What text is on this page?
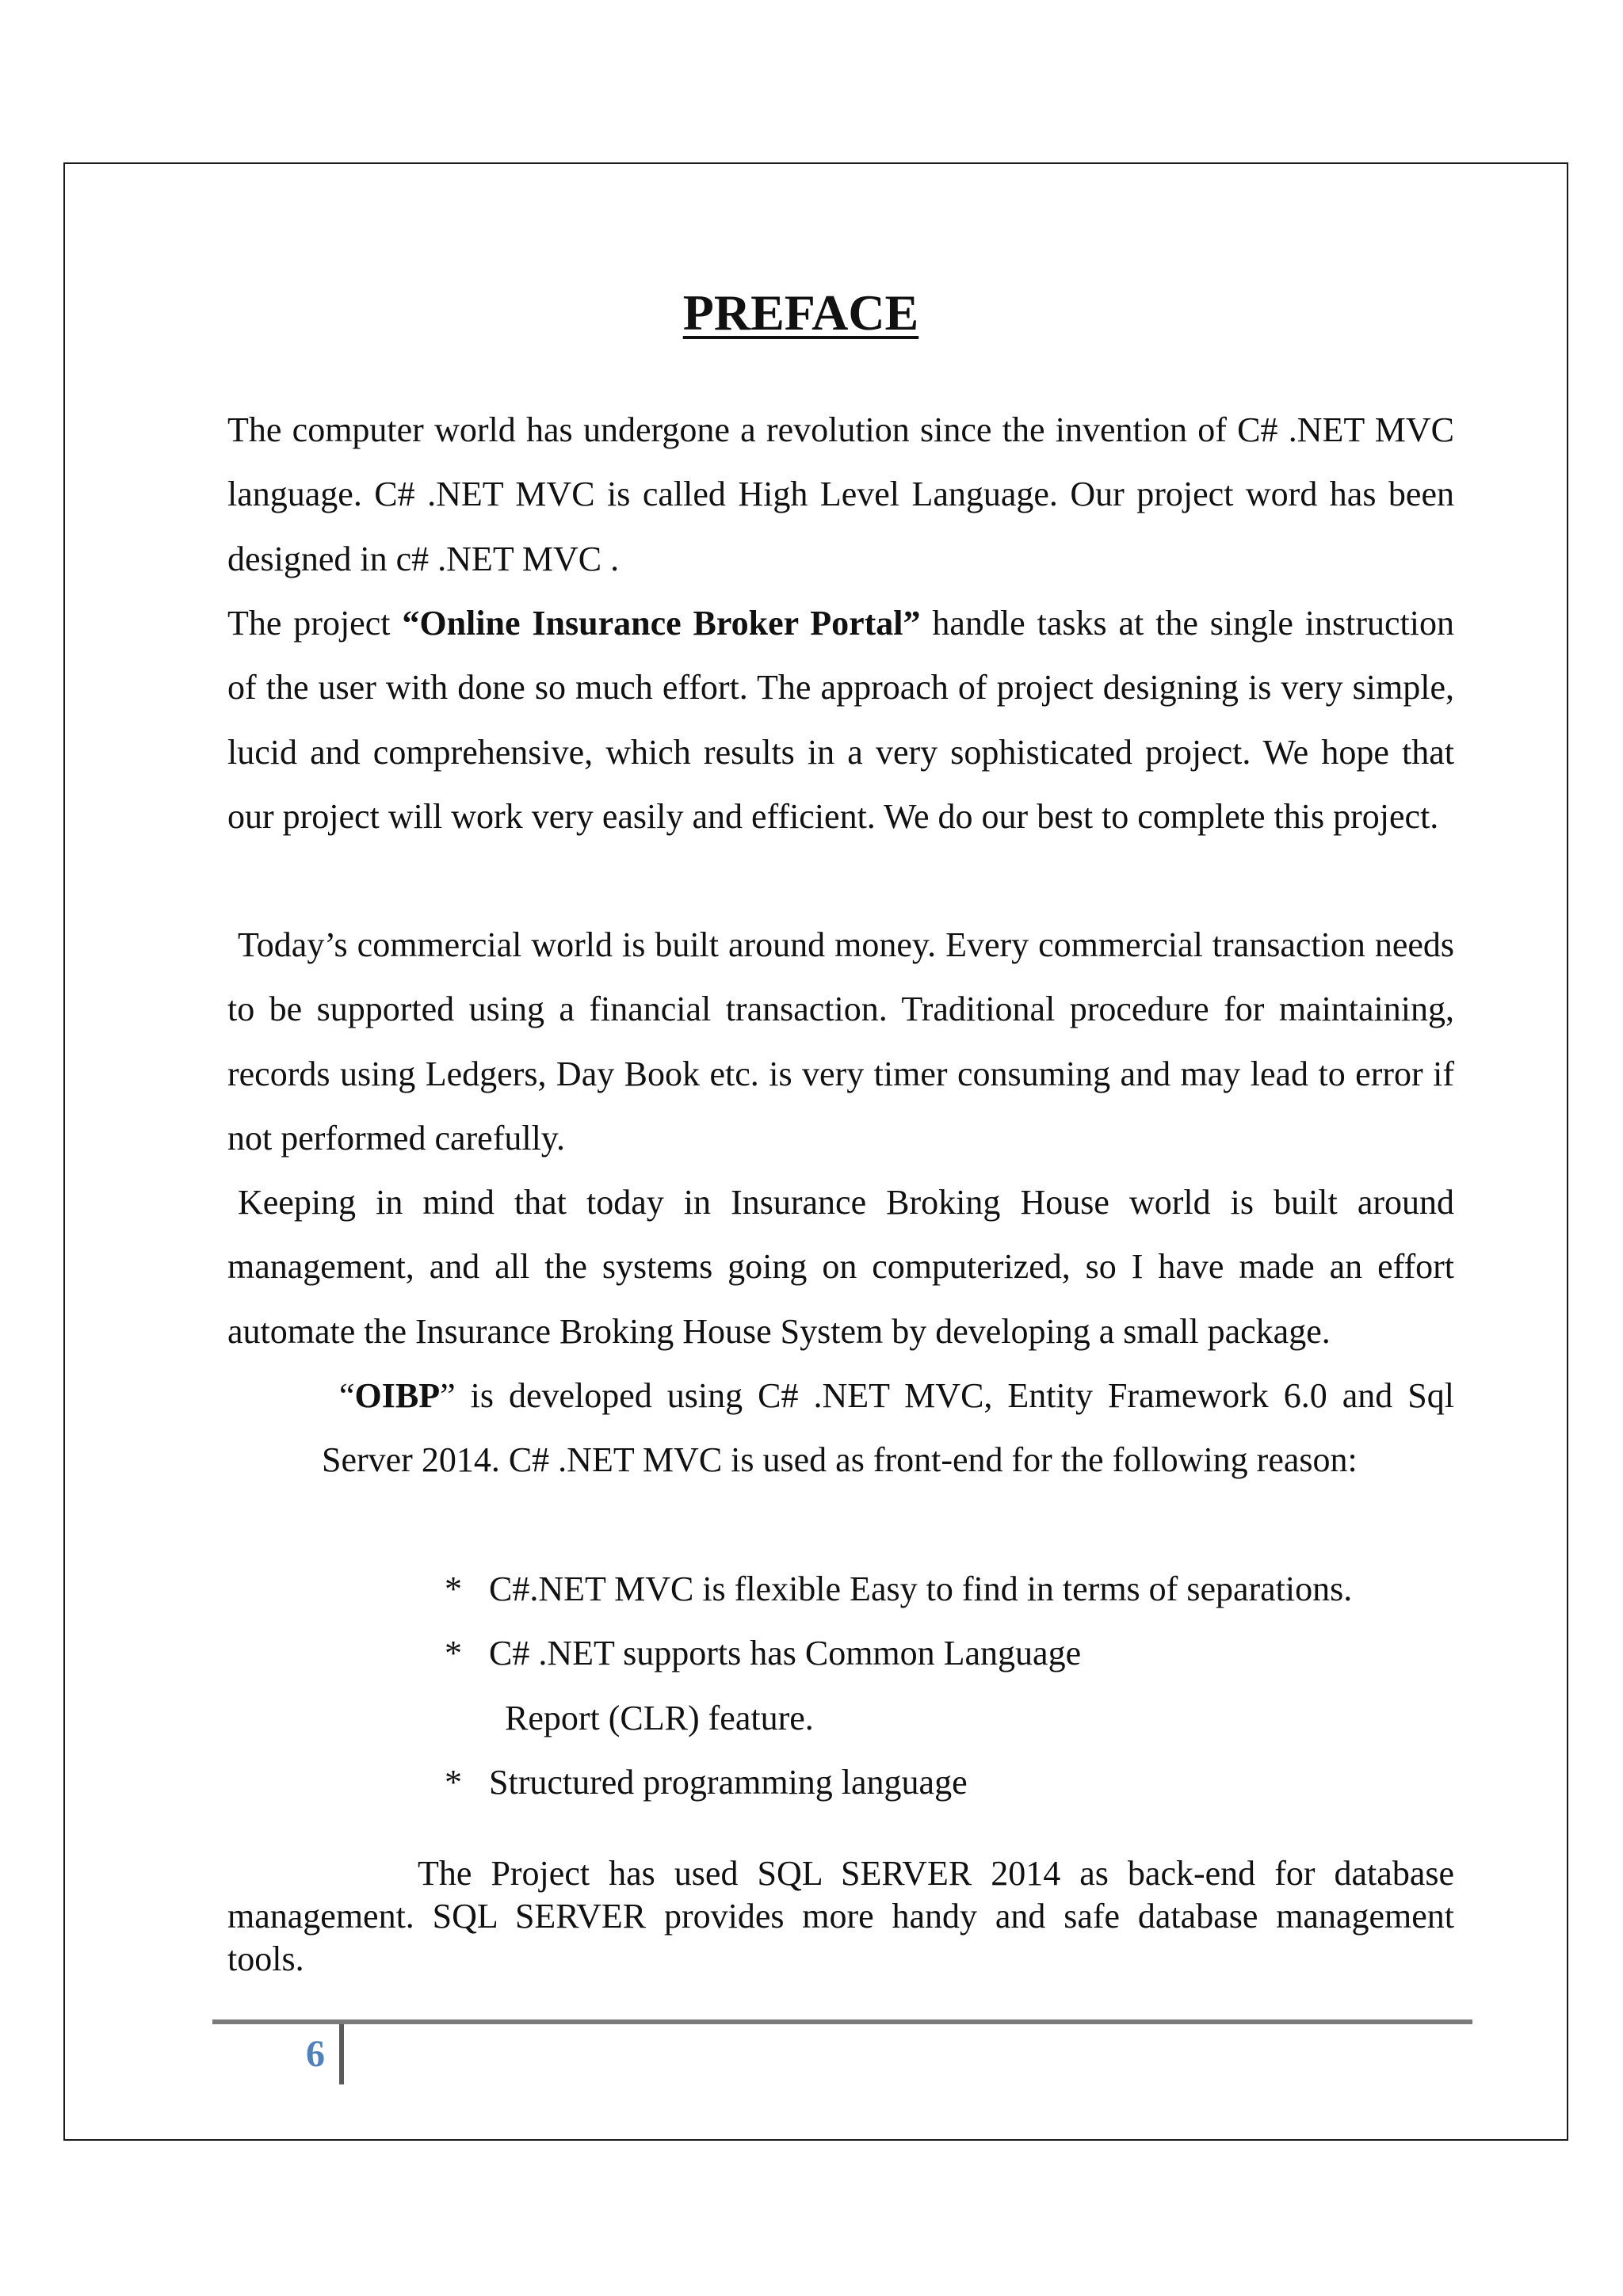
PREFACE

The computer world has undergone a revolution since the invention of C# .NET MVC language. C# .NET MVC is called High Level Language. Our project word has been designed in c# .NET MVC .

The project “Online Insurance Broker Portal” handle tasks at the single instruction of the user with done so much effort. The approach of project designing is very simple, lucid and comprehensive, which results in a very sophisticated project. We hope that our project will work very easily and efficient. We do our best to complete this project.

Today’s commercial world is built around money. Every commercial transaction needs to be supported using a financial transaction. Traditional procedure for maintaining, records using Ledgers, Day Book etc. is very timer consuming and may lead to error if not performed carefully.

Keeping in mind that today in Insurance Broking House world is built around management, and all the systems going on computerized, so I have made an effort automate the Insurance Broking House System by developing a small package.

“OIBP” is developed using C# .NET MVC, Entity Framework 6.0 and Sql Server 2014. C# .NET MVC is used as front-end for the following reason:

* C#.NET MVC is flexible Easy to find in terms of separations.
* C# .NET supports has Common Language
Report (CLR) feature.
* Structured programming language

The Project has used SQL SERVER 2014 as back-end for database management. SQL SERVER provides more handy and safe database management tools.

6
